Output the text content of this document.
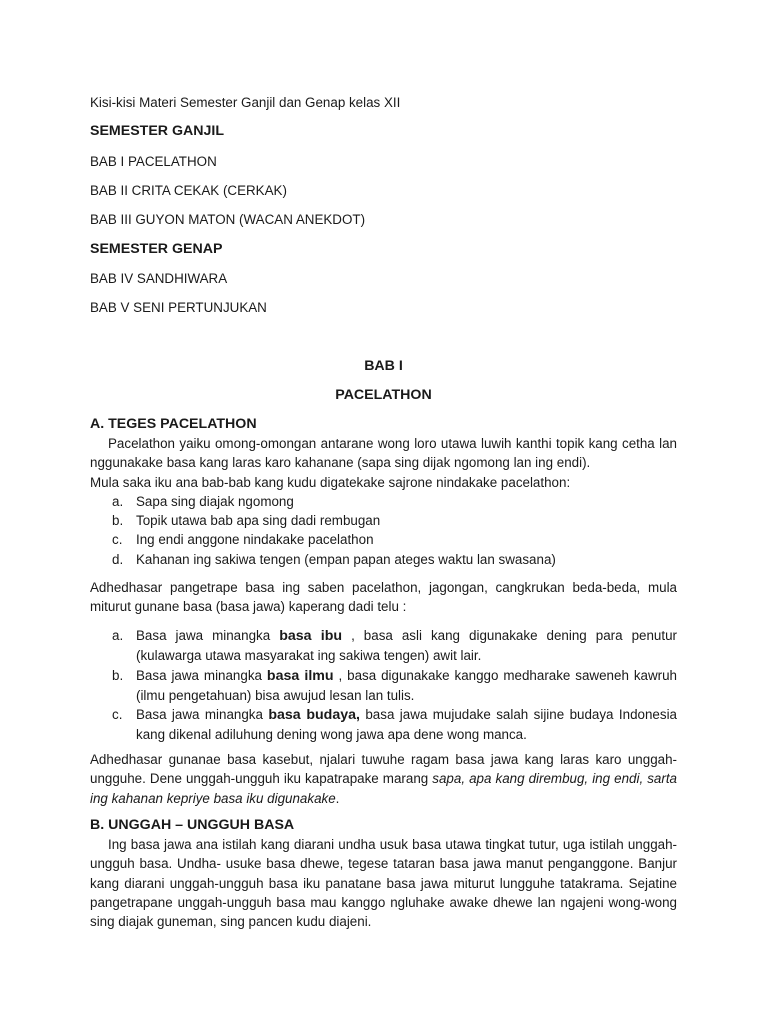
Kisi-kisi Materi Semester Ganjil dan Genap kelas XII
SEMESTER GANJIL
BAB I PACELATHON
BAB II CRITA CEKAK (CERKAK)
BAB III GUYON MATON (WACAN ANEKDOT)
SEMESTER GENAP
BAB IV SANDHIWARA
BAB V SENI PERTUNJUKAN
BAB I
PACELATHON
A. TEGES PACELATHON
Pacelathon yaiku omong-omongan antarane wong loro utawa luwih kanthi topik kang cetha lan nggunakake basa kang laras karo kahanane (sapa sing dijak ngomong lan ing endi).
Mula saka iku ana bab-bab kang kudu digatekake sajrone nindakake pacelathon:
a. Sapa sing diajak ngomong
b. Topik utawa bab apa sing dadi rembugan
c. Ing endi anggone nindakake pacelathon
d. Kahanan ing sakiwa tengen (empan papan ateges waktu lan swasana)
Adhedhasar pangetrape basa ing saben pacelathon, jagongan, cangkrukan beda-beda, mula miturut gunane basa (basa jawa) kaperang dadi telu :
a. Basa jawa minangka basa ibu , basa asli kang digunakake dening para penutur (kulawarga utawa masyarakat ing sakiwa tengen) awit lair.
b. Basa jawa minangka basa ilmu , basa digunakake kanggo medharake saweneh kawruh (ilmu pengetahuan) bisa awujud lesan lan tulis.
c. Basa jawa minangka basa budaya, basa jawa mujudake salah sijine budaya Indonesia kang dikenal adiluhung dening wong jawa apa dene wong manca.
Adhedhasar gunanae basa kasebut, njalari tuwuhe ragam basa jawa kang laras karo unggah-ungguhe. Dene unggah-ungguh iku kapatrapake marang sapa, apa kang dirembug, ing endi, sarta ing kahanan kepriye basa iku digunakake.
B. UNGGAH – UNGGUH BASA
Ing basa jawa ana istilah kang diarani undha usuk basa utawa tingkat tutur, uga istilah unggah-ungguh basa. Undha- usuke basa dhewe, tegese tataran basa jawa manut penganggone. Banjur kang diarani unggah-ungguh basa iku panatane basa jawa miturut lungguhe tatakrama. Sejatine pangetrapane unggah-ungguh basa mau kanggo ngluhake awake dhewe lan ngajeni wong-wong sing diajak guneman, sing pancen kudu diajeni.
